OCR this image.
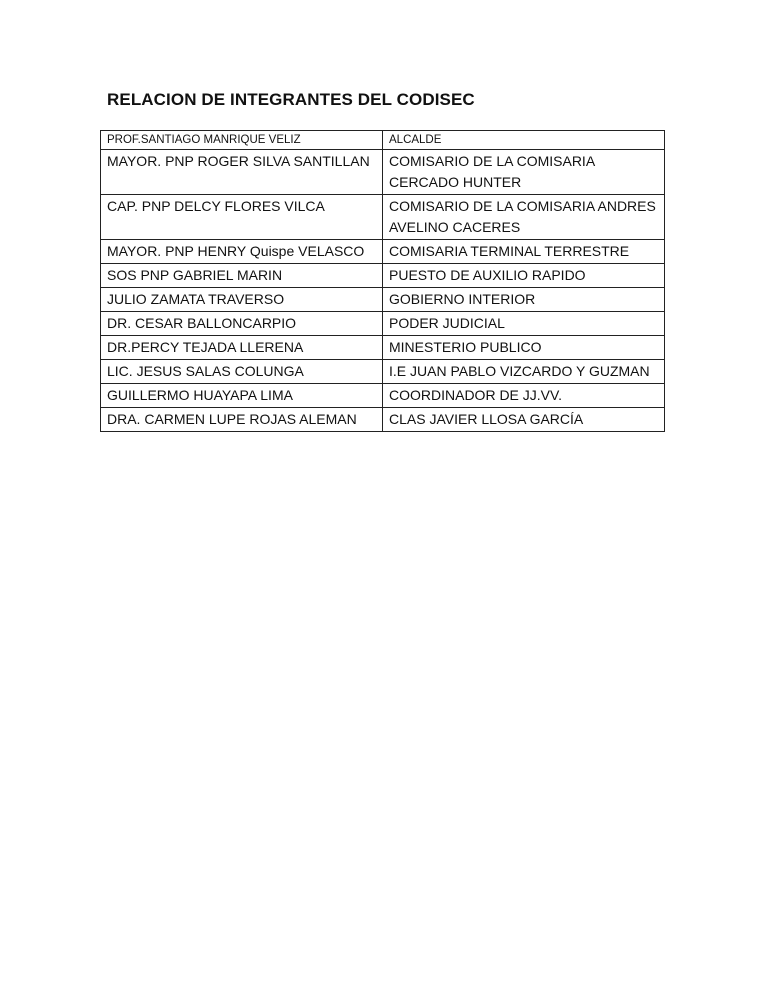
RELACION DE INTEGRANTES DEL CODISEC
PROF.SANTIAGO MANRIQUE VELIZ	ALCALDE
MAYOR. PNP ROGER SILVA SANTILLAN	COMISARIO DE LA COMISARIA CERCADO HUNTER
CAP. PNP DELCY FLORES VILCA	COMISARIO DE LA COMISARIA ANDRES AVELINO CACERES
MAYOR. PNP HENRY Quispe VELASCO	COMISARIA TERMINAL TERRESTRE
SOS PNP GABRIEL MARIN	PUESTO DE AUXILIO RAPIDO
JULIO ZAMATA TRAVERSO	GOBIERNO INTERIOR
DR. CESAR BALLONCARPIO	PODER JUDICIAL
DR.PERCY TEJADA LLERENA	MINESTERIO PUBLICO
LIC. JESUS SALAS COLUNGA	I.E JUAN PABLO VIZCARDO Y GUZMAN
GUILLERMO HUAYAPA LIMA	COORDINADOR DE JJ.VV.
DRA. CARMEN LUPE ROJAS ALEMAN	CLAS JAVIER LLOSA GARCÍA
